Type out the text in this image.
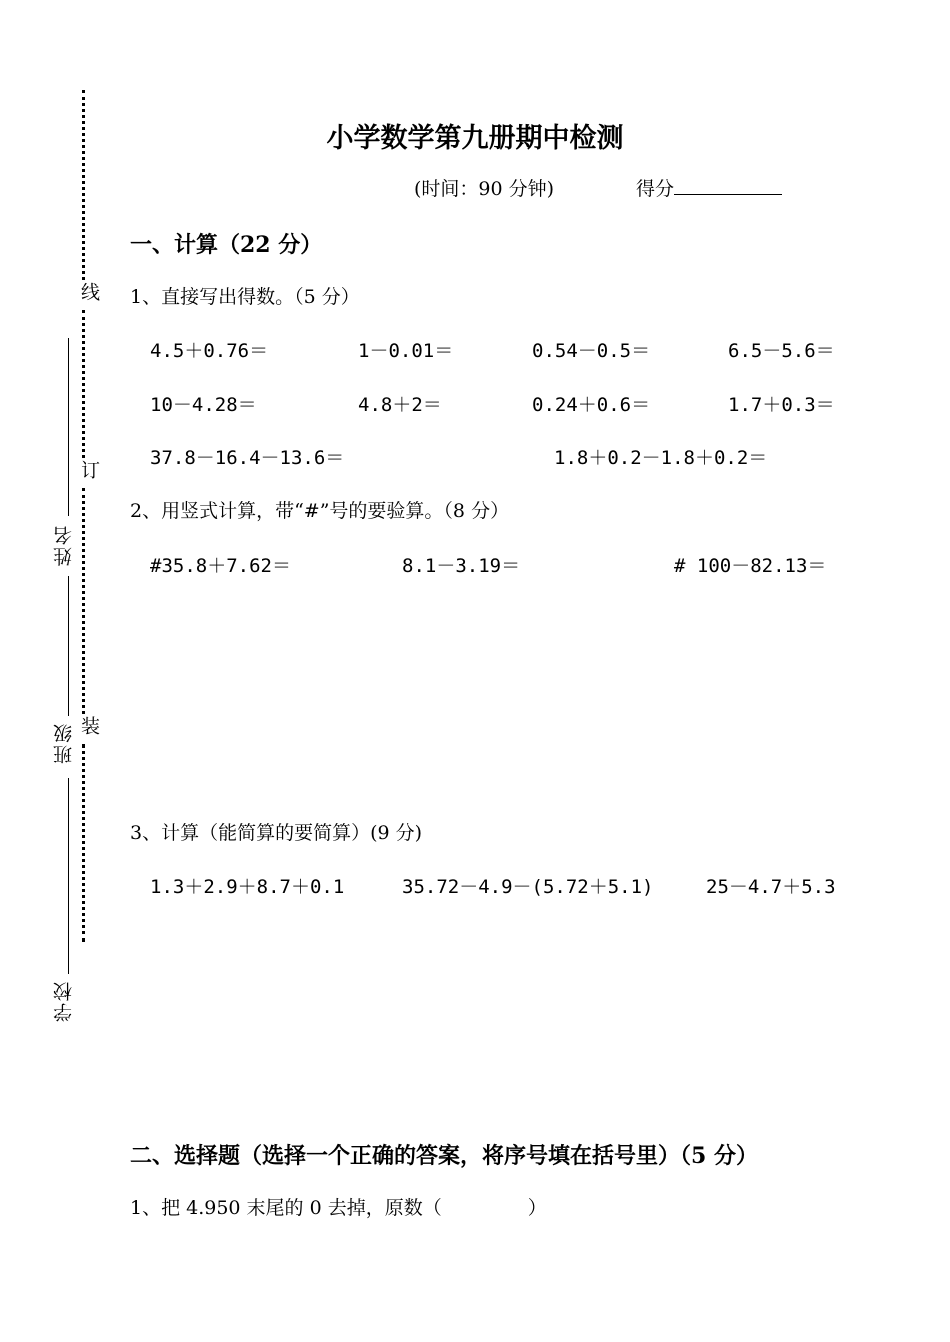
线
订
装
姓名
班级
学校
小学数学第九册期中检测
(时间：90 分钟)	得分
一、计算（22 分）
1、直接写出得数。（5 分）
4.5＋0.76＝	1－0.01＝	0.54－0.5＝	6.5－5.6＝
10－4.28＝	4.8＋2＝	0.24＋0.6＝	1.7＋0.3＝
37.8－16.4－13.6＝	1.8＋0.2－1.8＋0.2＝
2、用竖式计算，带“#”号的要验算。（8 分）
#35.8＋7.62＝	8.1－3.19＝	# 100－82.13＝
3、计算（能简算的要简算）(9 分)
1.3＋2.9＋8.7＋0.1	35.72－4.9－(5.72＋5.1)	25－4.7＋5.3
二、选择题（选择一个正确的答案，将序号填在括号里）（5 分）
1、把 4.950 末尾的 0 去掉，原数（	）
